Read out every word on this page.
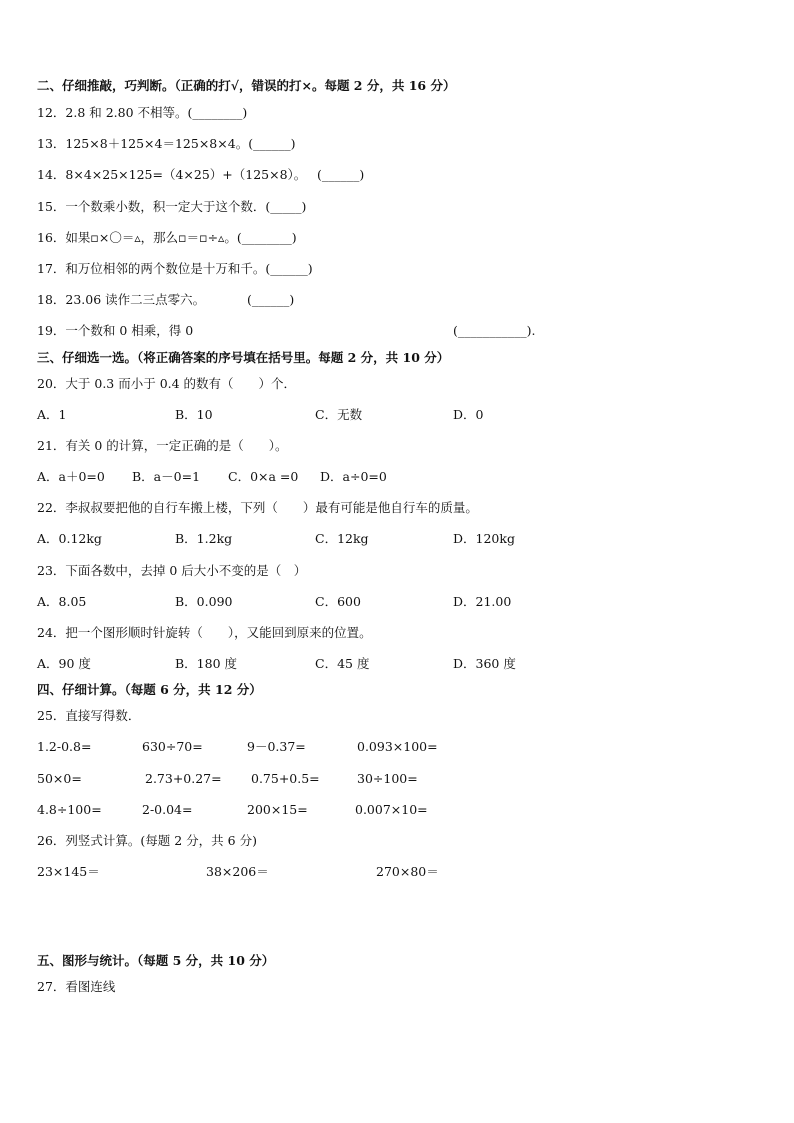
二、仔细推敲，巧判断。（正确的打√，错误的打×。每题 2 分，共 16 分）
12．2.8 和 2.80 不相等。(________)
13．125×8＋125×4＝125×8×4。(______)
14．8×4×25×125=（4×25）+（125×8）。 (______)
15．一个数乘小数，积一定大于这个数．(_____)
16．如果▫×〇＝▵，那么▫＝▫÷▵。(________)
17．和万位相邻的两个数位是十万和千。(______)
18．23.06 读作二三点零六。	(______)
19．一个数和 0 相乘，得 0	(___________).
三、仔细选一选。（将正确答案的序号填在括号里。每题 2 分，共 10 分）
20．大于 0.3 而小于 0.4 的数有（　　）个．
A．1	B．10	C．无数	D．0
21．有关 0 的计算，一定正确的是（　　）。
A．a＋0=0 B．a－0=1 C．0×a =0 D．a÷0=0
22．李叔叔要把他的自行车搬上楼，下列（　　）最有可能是他自行车的质量。
A．0.12kg	B．1.2kg	C．12kg	D．120kg
23．下面各数中，去掉 0 后大小不变的是（　）
A．8.05	B．0.090	C．600	D．21.00
24．把一个图形顺时针旋转（　　），又能回到原来的位置。
A．90 度	B．180 度	C．45 度	D．360 度
四、仔细计算。（每题 6 分，共 12 分）
25．直接写得数．
1.2-0.8=	630÷70=	9－0.37=	0.093×100=
50×0=	2.73+0.27= 0.75+0.5=	30÷100=
4.8÷100=	2-0.04=	200×15=	0.007×10=
26．列竖式计算。(每题 2 分，共 6 分)
23×145＝	38×206＝	270×80＝
五、图形与统计。（每题 5 分，共 10 分）
27．看图连线
